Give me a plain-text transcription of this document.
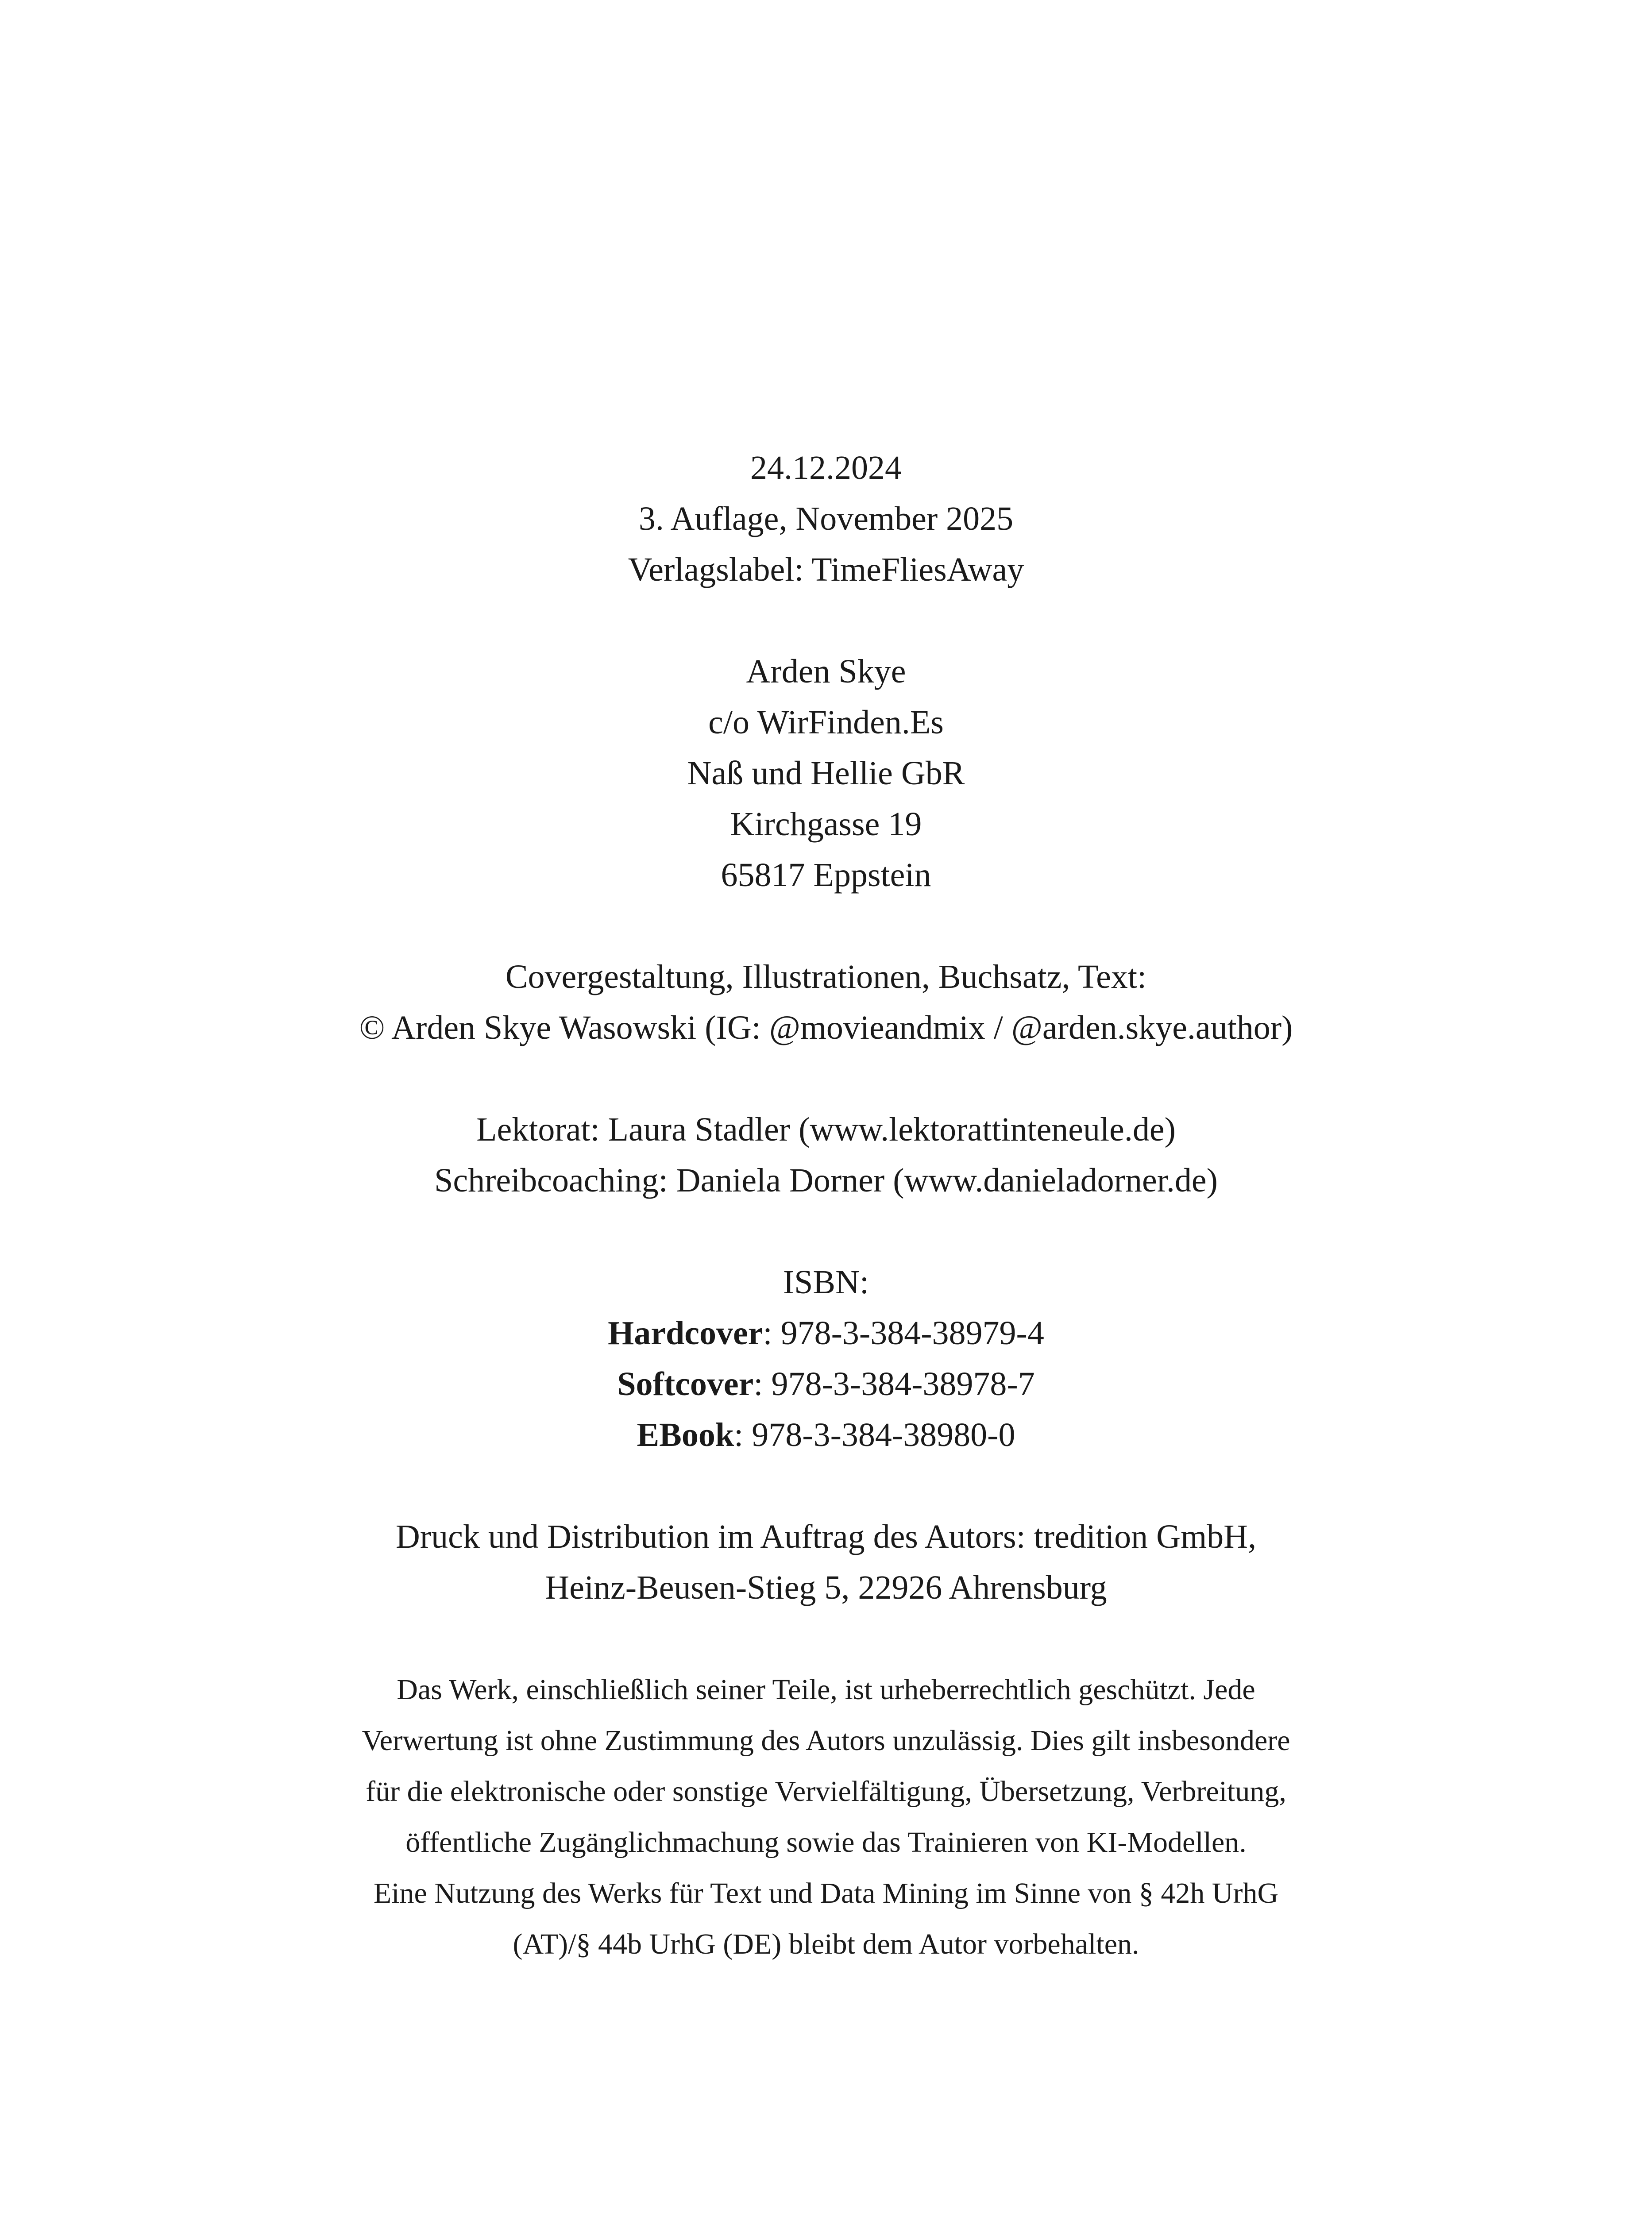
24.12.2024
3. Auflage, November 2025
Verlagslabel: TimeFliesAway
Arden Skye
c/o WirFinden.Es
Naß und Hellie GbR
Kirchgasse 19
65817 Eppstein
Covergestaltung, Illustrationen, Buchsatz, Text:
© Arden Skye Wasowski (IG: @movieandmix / @arden.skye.author)
Lektorat: Laura Stadler (www.lektorattinteneule.de)
Schreibcoaching: Daniela Dorner (www.danieladorner.de)
ISBN:
Hardcover: 978-3-384-38979-4
Softcover: 978-3-384-38978-7
EBook: 978-3-384-38980-0
Druck und Distribution im Auftrag des Autors: tredition GmbH,
Heinz-Beusen-Stieg 5, 22926 Ahrensburg
Das Werk, einschließlich seiner Teile, ist urheberrechtlich geschützt. Jede
Verwertung ist ohne Zustimmung des Autors unzulässig. Dies gilt insbesondere
für die elektronische oder sonstige Vervielfältigung, Übersetzung, Verbreitung,
öffentliche Zugänglichmachung sowie das Trainieren von KI-Modellen.
Eine Nutzung des Werks für Text und Data Mining im Sinne von § 42h UrhG
(AT)/§ 44b UrhG (DE) bleibt dem Autor vorbehalten.
